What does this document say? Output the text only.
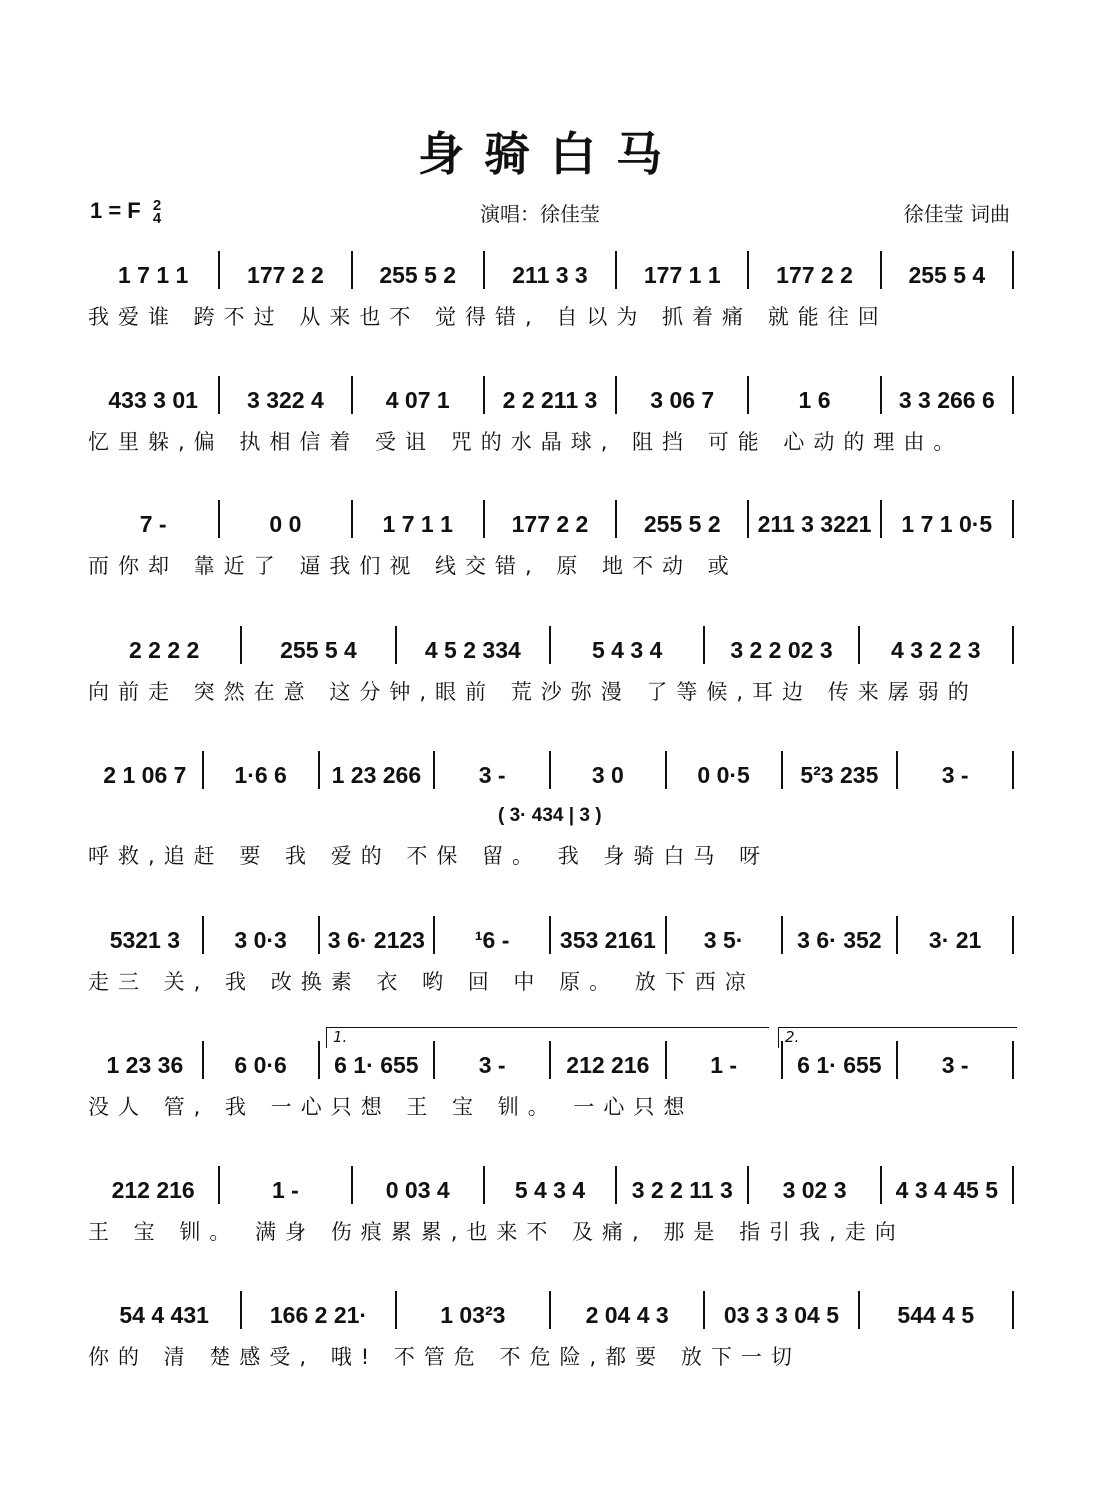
身骑白马
1 = F 2
4	演唱：徐佳莹	徐佳莹 词曲
1 7 1 1	177 2 2 255 5 2 211 3 3 177 1 1 177 2 2 255 5 4
我爱谁 跨不过 从来也不 觉得错, 自以为 抓着痛 就能往回
433 3 01 3 322 4	4 07 1 2 2 211 3 3 06 7	1 6	3 3 266 6
忆里躲,偏 执相信着 受诅 咒的水晶球, 阻挡 可能 心动的理由。
7 -	0 0	1 7 1 1	177 2 2 255 5 2 211 3 3221 1 7 1 0·5
而你却 靠近了 逼我们视 线交错, 原 地不动 或
2 2 2 2	255 5 4	4 5 2 334	5 4 3 4	3 2 2 02 3	4 3 2 2 3
向前走 突然在意 这分钟,眼前 荒沙弥漫 了等候,耳边 传来孱弱的
2 1 06 7 1·6 6 1 23 266	3 -	3 0	0 0·5 5²3 235	3 -
( 3· 434 | 3 )
呼救,追赶 要 我 爱的 不保 留。 我 身骑白马 呀
5321 3 3 0·3 3 6· 2123 ¹6 - 353 2161 3 5· 3 6· 352 3· 21
走三 关, 我 改换素 衣 哟 回 中 原。 放下西凉
1 23 36 6 0·6 6 1· 655	3 -	212 216	1 -	6 1· 655	3 -
1.	2.
没人 管, 我 一心只想 王 宝 钏。 一心只想
212 216	1 -	0 03 4	5 4 3 4 3 2 2 11 3 3 02 3 4 3 4 45 5
王 宝 钏。 满身 伤痕累累,也来不 及痛, 那是 指引我,走向
54 4 431	166 2 21·	1 03²3	2 04 4 3 03 3 3 04 5	544 4 5
你的 清 楚感受, 哦! 不管危 不危险,都要 放下一切
